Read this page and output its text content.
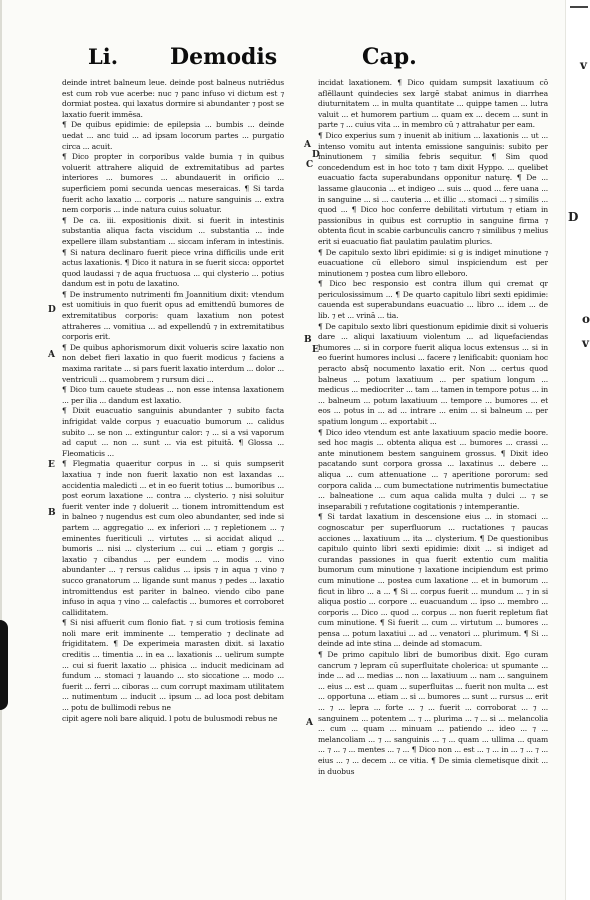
Li. Demodis	Cap.

deinde intret balneum leue. deinde post balneus nutriēdus est cum rob vue acerbe: nuc ⁊ panc infuso vi dictum est ⁊ dormiat postea. qui laxatus dormire si abundanter ⁊ post se laxatio fuerit immēsa.

¶ De quibus epidimie: de epilepsia ... bumbis ... deinde uedat ... anc tuid ... ad ipsam locorum partes ... purgatio circa ... acuit.

¶ Dico propter in corporibus valde bumia ⁊ in quibus voluerit attrahere aliquid de extremitatibus ad partes interiores ... bumores ... abundauerit in orificio ... superficiem pomi secunda uencas meseraicas. ¶ Si tarda fuerit acho laxatio ... corporis ... nature sanguinis ... extra nem corporis ... inde natura cuius soluatur.

¶ De ca. iii. expositionis dixit. si fuerit in intestinis substantia aliqua facta viscidum ... substantia ... inde expellere illam substantiam ... siccam inferam in intestinis. ¶ Si natura declinaro fuerit piece vrina difficilis unde erit actus laxationis. ¶ Dico it natura in se fuerit sicca: opportet quod laudassi ⁊ de aqua fructuosa ... qui clysterio ... potius dandum est in potu de laxatino.

¶ De instrumento nutrimenti fm Joannitium dixit: vtendum est uomitiuis in quo fuerit opus ad emittendū bumores de extremitatibus corporis: quam laxatium non potest attraheres ... vomitiua ... ad expellendū ⁊ in extremitatibus corporis erit.

¶ De quibus aphorismorum dixit volueris scire laxatio non non debet fieri laxatio in quo fuerit modicus ⁊ faciens a maxima raritate ... si pars fuerit laxatio interdum ... dolor ... ventriculi ... quamobrem ⁊ rursum dici ...

¶ Dico tum cauete studeas ... non esse intensa laxationem ... per ilia ... dandum est laxatio.

¶ Dixit euacuatio sanguinis abundanter ⁊ subito facta infrigidat valde corpus ⁊ euacuatio bumorum ... calidus subito ... se non ... extinguntur calor: ⁊ ... si a vsi vaporum ad caput ... non ... sunt ... via est pituitā. ¶ Glossa ... Fleomaticis ...

¶ Flegmatia quaeritur corpus in ... si quis sumpserit laxatiua ⁊ inde non fuerit laxatio non est laxandas ... accidentia maledicti ... et in eo fuerit totius ... bumoribus ... post eorum laxatione ... contra ... clysterio. ⁊ nisi soluitur fuerit venter inde ⁊ doluerit ... tionem intromittendum est in balneo ⁊ nugendus est cum oleo abundanter, sed inde si partem ... aggregatio ... ex inferiori ... ⁊ repletionem ... ⁊ eminentes fueriticuli ... virtutes ... si accidat aliqud ... bumoris ... nisi ... clysterium ... cui ... etiam ⁊ gorgis ... laxatio ⁊ cibandus ... per eundem ... modis ... vino abundanter ... ⁊ rersus calidus ... ipsis ⁊ in aqua ⁊ vino ⁊ succo granatorum ... ligande sunt manus ⁊ pedes ... laxatio intromittendus est pariter in balneo. viendo cibo pane infuso in aqua ⁊ vino ... calefactis ... bumores et corroboret calliditatem.

¶ Si nisi affuerit cum flonio fiat. ⁊ si cum trotiosis femina noli mare erit imminente ... temperatio ⁊ declinate ad frigiditatem. ¶ De experimeia marasten dixit. si laxatio creditis ... timentia ... in ea ... laxationis ... uelirum sumpte ... cui si fuerit laxatio ... phisica ... inducit medicinam ad fundum ... stomaci ⁊ lauando ... sto siccatione ... modo ... fuerit ... ferri ... ciboras ... cum corrupt maximam utilitatem ... nutimentum ... inducit ... ipsum ... ad loca post debitam ... potu de bullimodi rebus ne

cipit agere noli bare aliquid. l potu de bulusmodi rebus ne

incidat laxationem. ¶ Dico quidam sumpsit laxatiuum cō aflēllaunt quindecies sex largē stabat animus in diarrhea diuturnitatem ... in multa quantitate ... quippe tamen ... lutra valuit ... et humorem partium ... quam ex ... decem ... sunt in parte ⁊ ... cuius vita ... in membro cū ⁊ attrahatur per eam.

¶ Dico experius sum ⁊ inuenit ab initium ... laxationis ... ut ... intenso vomitu aut intenta emissione sanguinis: subito per minutionem ⁊ similia febris sequitur. ¶ Sim quod concedendum est in hoc toto ⁊ tam dixit Hyppo. ... quelibet euacuatio facta superabundans opponitur naturę. ¶ De ... lassame glauconia ... et indigeo ... suis ... quod ... fere uana ... in sanguine ... si ... cauteria ... et illic ... stomaci ... ⁊ similis ... quod ... ¶ Dico hoc conferre debilitati virtutum ⁊ etiam in passionibus in quibus est corruptio in sanguine firma ⁊ obtenta ficut in scabie carbunculis cancro ⁊ similibus ⁊ melius erit si euacuatio fiat paulatim paulatim plurics.

¶ De capitulo sexto libri epidimie: si g is indiget minutione ⁊ euacuatione cū elleboro simul inspiciendum est per minutionem ⁊ postea cum libro elleboro.

¶ Dico bec responsio est contra illum qui cremat qr periculosissimum ... ¶ De quarto capitulo libri sexti epidimie: cauenda est superabundans euacuatio ... libro ... idem ... de lib. ⁊ et ... vrinā ... tia.

¶ De capitulo sexto libri questionum epidimie dixit si volueris dare ... aliqui laxatiuum violentum ... ad liquefaciendas humores ... si in corpore fuerit aliqua locus extensus ... si in eo fuerint humores inclusi ... facere ⁊ lenificabit: quoniam hoc peracto absq̃ nocumento laxatio erit. Non ... certus quod balneus ... potum laxatiuum ... per spatium longum ... medicus ... mediocriter ... tam ... tamen in tempore potus ... in ... balneum ... potum laxatiuum ... tempore ... bumores ... et eos ... potus in ... ad ... intrare ... enim ... si balneum ... per spatium longum ... exportabit ...

¶ Dico ideo vtendum est ante laxatiuum spacio medie boore. sed hoc magis ... obtenta aliqua est ... bumores ... crassi ... ante minutionem bestem sanguinem grossus. ¶ Dixit ideo pacatando sunt corpora grossa ... laxatinus ... debere ... aliqua ... cum attenuatione ... ⁊ aperitione pororum: sed corpora calida ... cum bumectatione nutrimentis bumectatiue ... balneatione ... cum aqua calida multa ⁊ dulci ... ⁊ se inseparabili ⁊ refutatione cogitationis ⁊ intemperantie.

¶ Si tardat laxatium in descensione eius ... in stomaci ... cognoscatur per superfluorum ... ructationes ⁊ paucas acciones ... laxatiuum ... ita ... clysterium. ¶ De questionibus capitulo quinto libri sexti epidimie: dixit ... si indiget ad curandas passiones in qua fuerit extentio cum malitia bumorum cum minutione ⁊ laxatione incipiendum est primo cum minutione ... postea cum laxatione ... et in bumorum ... ficut in libro ... a ... ¶ Si ... corpus fuerit ... mundum ... ⁊ in si aliqua postio ... corpore ... euacuandum ... ipso ... membro ... corporis ... Dico ... quod ... corpus ... non fuerit repletum fiat cum minutione. ¶ Si fuerit ... cum ... virtutum ... bumores ... pensa ... potum laxatiui ... ad ... venatori ... plurimum. ¶ Si ... deinde ad inte stina ... deinde ad stomacum.

¶ De primo capitulo libri de bumoribus dixit. Ego curam cancrum ⁊ lepram cū superfluitate cholerica: ut spumante ... inde ... ad ... medias ... non ... laxatiuum ... nam ... sanguinem ... eius ... est ... quam ... superfluitas ... fuerit non multa ... est ... opportuna ... etiam ... si ... bumores ... sunt ... rursus ... erit ... ⁊ ... lepra ... forte ... ⁊ ... fuerit ... corroborat ... ⁊ ... sanguinem ... potentem ... ⁊ ... plurima ... ⁊ ... si ... melancolia ... cum ... quam ... minuam ... patiendo ... ideo ... ⁊ ... melancoliam ... ⁊ ... sanguinis ... ⁊ ... quam ... ullima ... quam ... ⁊ ... ⁊ ... mentes ... ⁊ ... ¶ Dico non ... est ... ⁊ ... in ... ⁊ ... ⁊ ... eius ... ⁊ ... decem ... ce vitia. ¶ De simia clemetisque dixit ... in duobus

D
A
E
B
A
D
C
B
E
A
v
D
o
v
